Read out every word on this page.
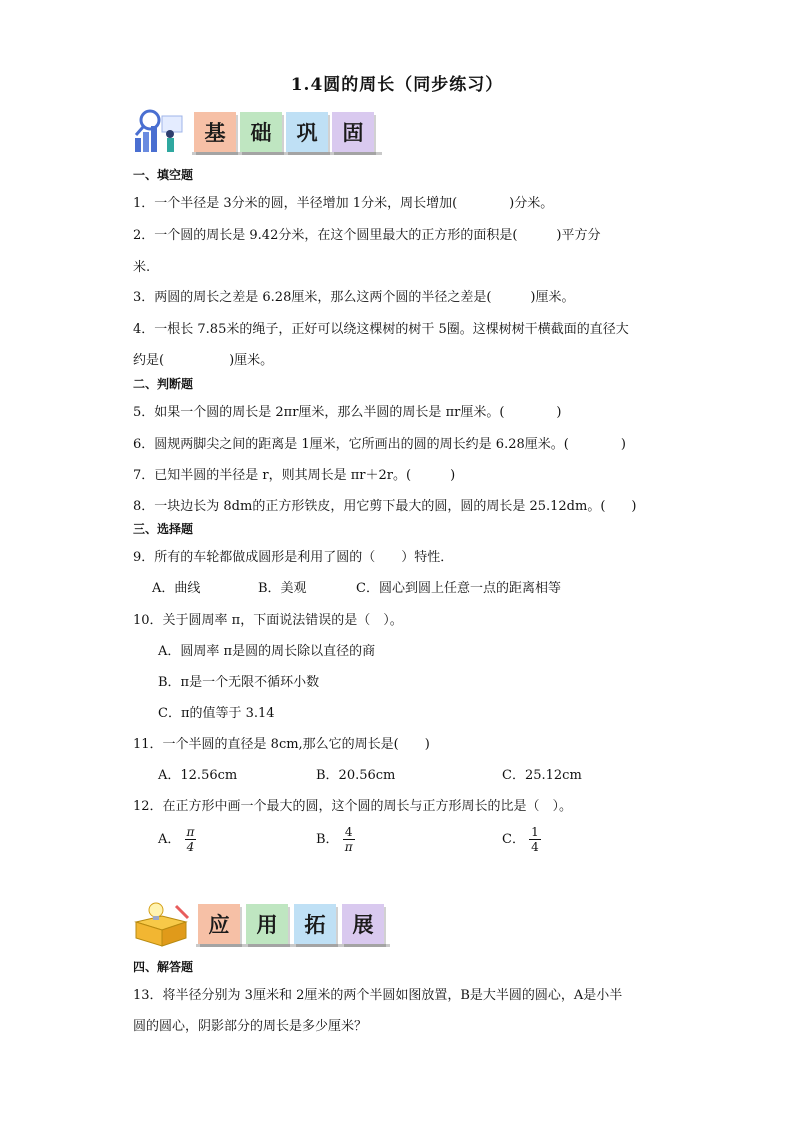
1.4圆的周长（同步练习）
基	础	巩	固
一、填空题
1．一个半径是 3分米的圆，半径增加 1分米，周长增加(　　　　)分米。
2．一个圆的周长是 9.42分米，在这个圆里最大的正方形的面积是(　　　)平方分
米.
3．两圆的周长之差是 6.28厘米，那么这两个圆的半径之差是(　　　)厘米。
4．一根长 7.85米的绳子，正好可以绕这棵树的树干 5圈。这棵树树干横截面的直径大
约是(　　　　　)厘米。
二、判断题
5．如果一个圆的周长是 2πr厘米，那么半圆的周长是 πr厘米。(　　　　)
6．圆规两脚尖之间的距离是 1厘米，它所画出的圆的周长约是 6.28厘米。(　　　　)
7．已知半圆的半径是 r，则其周长是 πr＋2r。(　　　)
8．一块边长为 8dm的正方形铁皮，用它剪下最大的圆，圆的周长是 25.12dm。(　　)
三、选择题
9．所有的车轮都做成圆形是利用了圆的（　　）特性．
A．曲线	B．美观	C．圆心到圆上任意一点的距离相等
10．关于圆周率 π，下面说法错误的是（　）。
A．圆周率 π是圆的周长除以直径的商
B．π是一个无限不循环小数
C．π的值等于 3.14
11．一个半圆的直径是 8cm,那么它的周长是(　　)
A．12.56cm	B．20.56cm	C．25.12cm
12．在正方形中画一个最大的圆，这个圆的周长与正方形周长的比是（　）。
A． $\frac{\pi}{4}$	B． $\frac{4}{\pi}$	C． $\frac{1}{4}$
应	用	拓	展
四、解答题
13．将半径分别为 3厘米和 2厘米的两个半圆如图放置，B是大半圆的圆心，A是小半
圆的圆心，阴影部分的周长是多少厘米？
